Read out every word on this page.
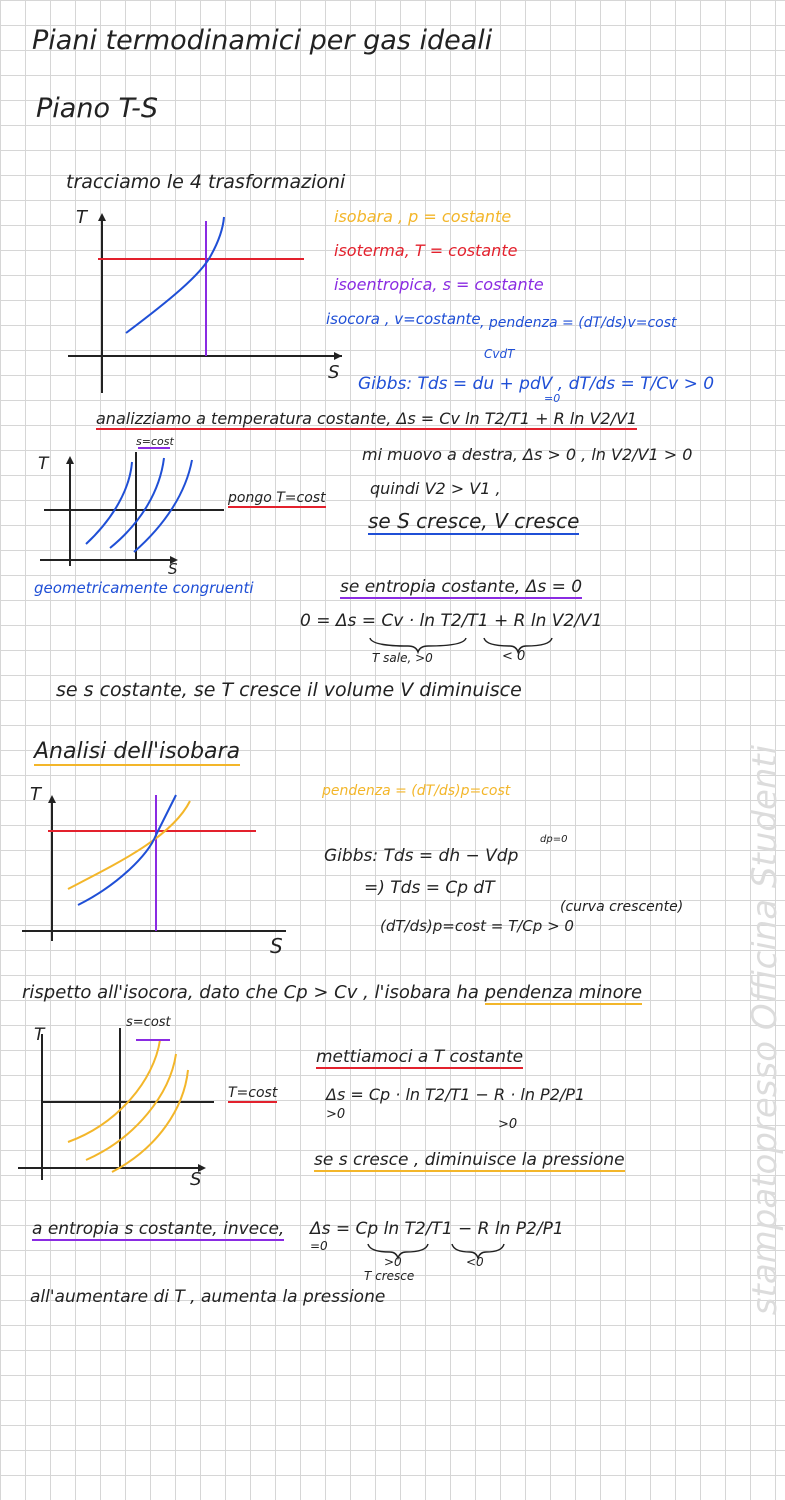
Piani termodinamici per gas ideali
Piano T-S
tracciamo le 4 trasformazioni
T
S
isobara , p = costante
isoterma, T = costante
isoentropica, s = costante
isocora , v=costante , pendenza = (dT/ds)v=cost
CvdT
Gibbs: Tds = du + pdV , dT/ds = T/Cv > 0
=0
analizziamo a temperatura costante, Δs = Cv ln T2/T1 + R ln V2/V1
T
S
s=cost
pongo T=cost
geometricamente congruenti
mi muovo a destra, Δs > 0 , ln V2/V1 > 0
quindi V2 > V1 ,
se S cresce, V cresce
se entropia costante, Δs = 0
0 = Δs = Cv · ln T2/T1 + R ln V2/V1
T sale, >0	< 0
se s costante, se T cresce il volume V diminuisce
Analisi dell'isobara
T
S
pendenza = (dT/ds)p=cost
Gibbs: Tds = dh − Vdp
dp=0
=) Tds = Cp dT
(dT/ds)p=cost = T/Cp > 0
(curva crescente)
rispetto all'isocora, dato che Cp > Cv , l'isobara ha pendenza minore
T
S
s=cost
T=cost
mettiamoci a T costante
Δs = Cp · ln T2/T1 − R · ln P2/P1
>0
>0
se s cresce , diminuisce la pressione
a entropia s costante, invece, Δs = Cp ln T2/T1 − R ln P2/P1
=0
>0
T cresce
<0
all'aumentare di T , aumenta la pressione	stampatopresso Officina Studenti
